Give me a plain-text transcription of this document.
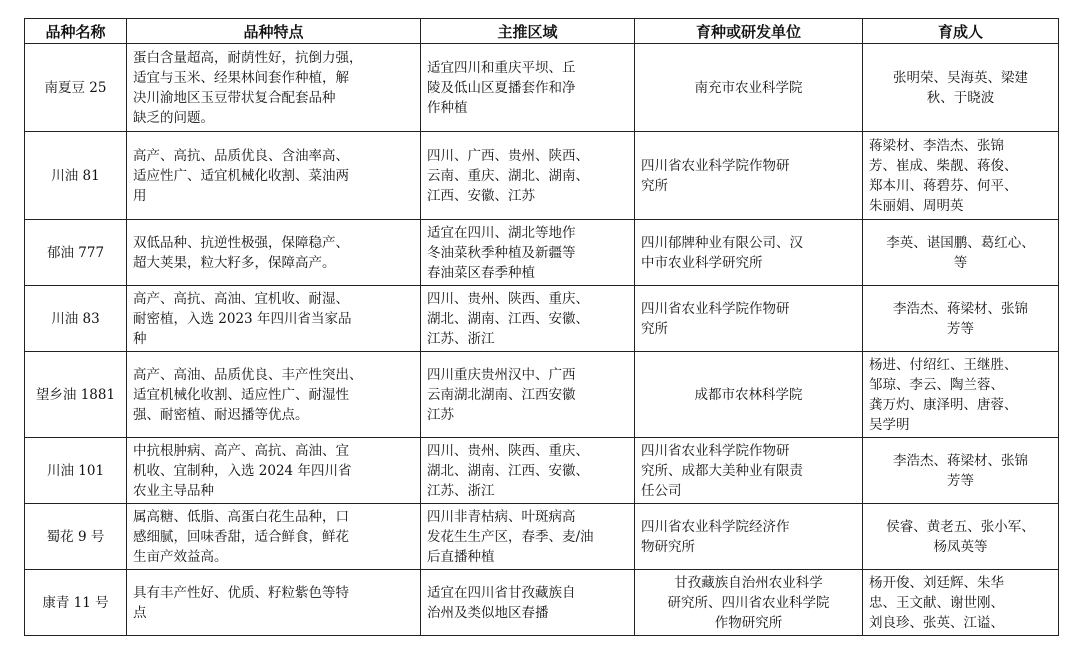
品种名称	品种特点	主推区域	育种或研发单位	育成人
南夏豆 25	蛋白含量超高，耐荫性好，抗倒力强，
适宜与玉米、经果林间套作种植，解
决川渝地区玉豆带状复合配套品种
缺乏的问题。	适宜四川和重庆平坝、丘
陵及低山区夏播套作和净
作种植	南充市农业科学院	张明荣、吴海英、梁建
秋、于晓波
川油 81	高产、高抗、品质优良、含油率高、
适应性广、适宜机械化收割、菜油两
用	四川、广西、贵州、陕西、
云南、重庆、湖北、湖南、
江西、安徽、江苏	四川省农业科学院作物研
究所	蒋梁材、李浩杰、张锦
芳、崔成、柴靓、蒋俊、
郑本川、蒋碧芬、何平、
朱丽娟、周明英
郁油 777	双低品种、抗逆性极强，保障稳产、
超大荚果，粒大籽多，保障高产。	适宜在四川、湖北等地作
冬油菜秋季种植及新疆等
春油菜区春季种植	四川郁牌种业有限公司、汉
中市农业科学研究所	李英、谌国鹏、葛红心、
等
川油 83	高产、高抗、高油、宜机收、耐湿、
耐密植，入选 2023 年四川省当家品
种	四川、贵州、陕西、重庆、
湖北、湖南、江西、安徽、
江苏、浙江	四川省农业科学院作物研
究所	李浩杰、蒋梁材、张锦
芳等
望乡油 1881	高产、高油、品质优良、丰产性突出、
适宜机械化收割、适应性广、耐湿性
强、耐密植、耐迟播等优点。	四川重庆贵州汉中、广西
云南湖北湖南、江西安徽
江苏	成都市农林科学院	杨进、付绍红、王继胜、
邹琼、李云、陶兰蓉、
龚万灼、康泽明、唐蓉、
吴学明
川油 101	中抗根肿病、高产、高抗、高油、宜
机收、宜制种，入选 2024 年四川省
农业主导品种	四川、贵州、陕西、重庆、
湖北、湖南、江西、安徽、
江苏、浙江	四川省农业科学院作物研
究所、成都大美种业有限责
任公司	李浩杰、蒋梁材、张锦
芳等
蜀花 9 号	属高糖、低脂、高蛋白花生品种，口
感细腻，回味香甜，适合鲜食，鲜花
生亩产效益高。	四川非青枯病、叶斑病高
发花生生产区，春季、麦/油
后直播种植	四川省农业科学院经济作
物研究所	侯睿、黄老五、张小军、
杨凤英等
康青 11 号	具有丰产性好、优质、籽粒紫色等特
点	适宜在四川省甘孜藏族自
治州及类似地区春播	甘孜藏族自治州农业科学
研究所、四川省农业科学院
作物研究所	杨开俊、刘廷辉、朱华
忠、王文献、谢世刚、
刘良珍、张英、江谥、
